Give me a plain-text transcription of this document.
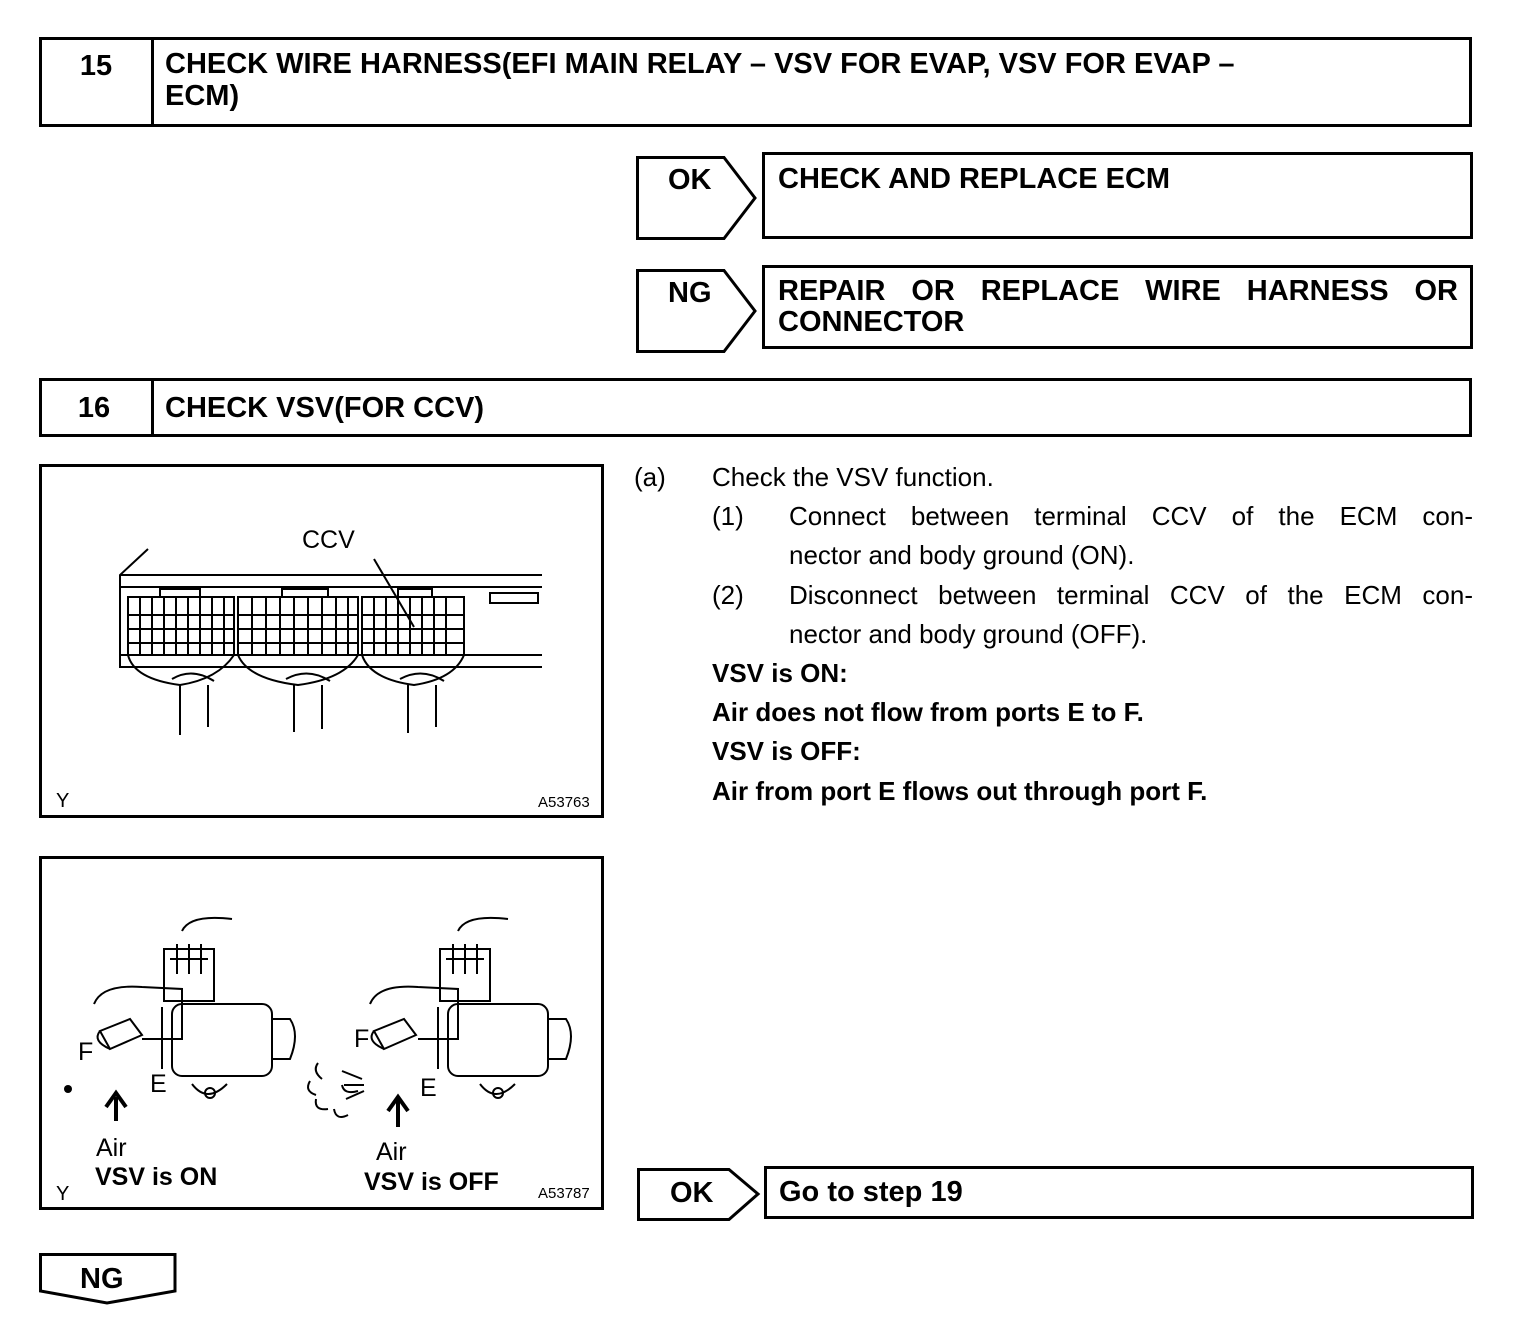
15	CHECK WIRE HARNESS(EFI MAIN RELAY – VSV FOR EVAP, VSV FOR EVAP –
ECM)
OK CHECK AND REPLACE ECM
NG REPAIR OR REPLACE WIRE HARNESS OR
CONNECTOR
16	CHECK VSV(FOR CCV)
CCV
Y	A53763
F
E
Air
VSV is ON
F
E
Air
VSV is OFF
Y	A53787
(a) Check the VSV function.
(1) Connect between terminal CCV of the ECM con-
nector and body ground (ON).
(2) Disconnect between terminal CCV of the ECM con-
nector and body ground (OFF).
VSV is ON:
Air does not flow from ports E to F.
VSV is OFF:
Air from port E flows out through port F.
OK Go to step 19
NG
